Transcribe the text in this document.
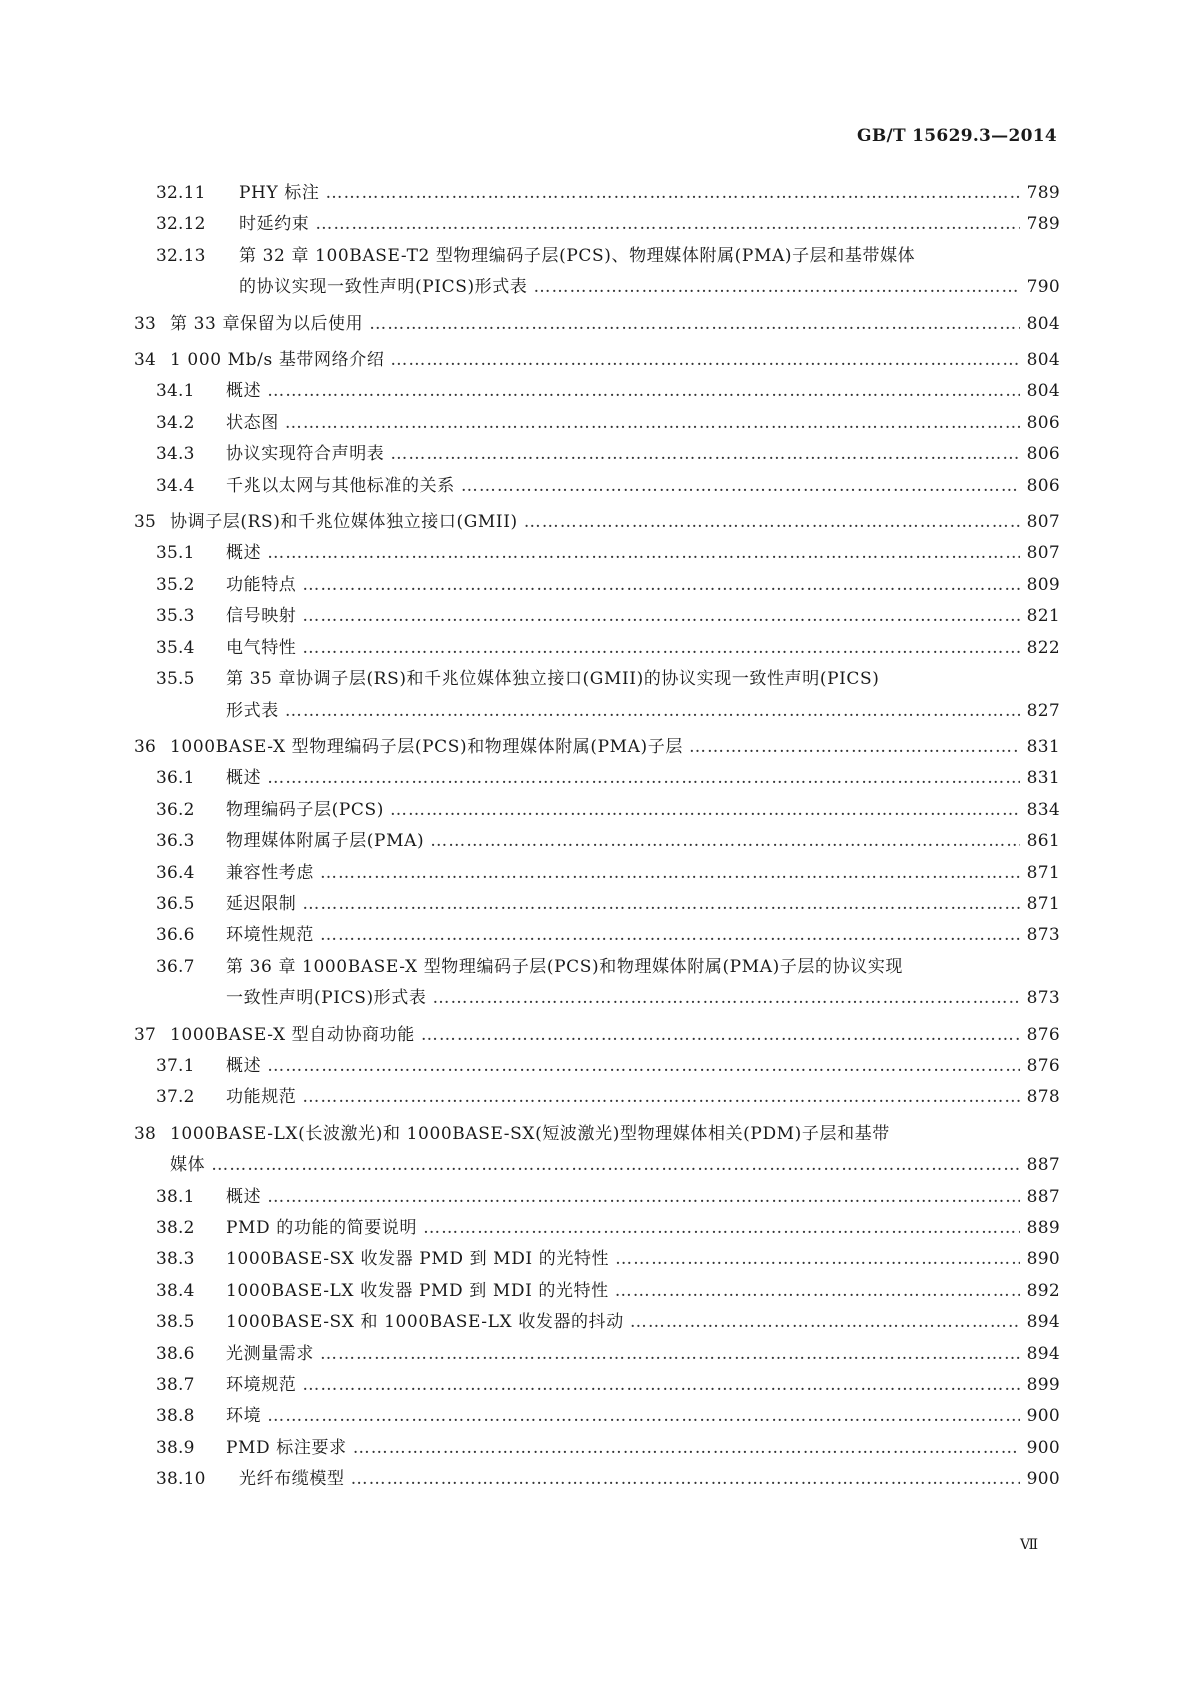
GB/T 15629.3—2014
32.11	PHY 标注 ………………………………………………………………………………………………………………………………………………………………………………………………………………………………………………	789
32.12	时延约束 ………………………………………………………………………………………………………………………………………………………………………………………………………………………………………………	789
32.13	第 32 章 100BASE-T2 型物理编码子层(PCS)、物理媒体附属(PMA)子层和基带媒体
的协议实现一致性声明(PICS)形式表 ………………………………………………………………………………………………………………………………………………………………………………………………………………………………………………	790
33 第 33 章保留为以后使用 ………………………………………………………………………………………………………………………………………………………………………………………………………………………………………………	804
34 1 000 Mb/s 基带网络介绍 ………………………………………………………………………………………………………………………………………………………………………………………………………………………………………………	804
34.1	概述 ………………………………………………………………………………………………………………………………………………………………………………………………………………………………………………	804
34.2	状态图 ………………………………………………………………………………………………………………………………………………………………………………………………………………………………………………	806
34.3	协议实现符合声明表 ………………………………………………………………………………………………………………………………………………………………………………………………………………………………………………	806
34.4	千兆以太网与其他标准的关系 ………………………………………………………………………………………………………………………………………………………………………………………………………………………………………………	806
35 协调子层(RS)和千兆位媒体独立接口(GMII) ………………………………………………………………………………………………………………………………………………………………………………………………………………………………………………	807
35.1	概述 ………………………………………………………………………………………………………………………………………………………………………………………………………………………………………………	807
35.2	功能特点 ………………………………………………………………………………………………………………………………………………………………………………………………………………………………………………	809
35.3	信号映射 ………………………………………………………………………………………………………………………………………………………………………………………………………………………………………………	821
35.4	电气特性 ………………………………………………………………………………………………………………………………………………………………………………………………………………………………………………	822
35.5	第 35 章协调子层(RS)和千兆位媒体独立接口(GMII)的协议实现一致性声明(PICS)
形式表 ………………………………………………………………………………………………………………………………………………………………………………………………………………………………………………	827
36 1000BASE-X 型物理编码子层(PCS)和物理媒体附属(PMA)子层 ………………………………………………………………………………………………………………………………………………………………………………………………………………………………………………	831
36.1	概述 ………………………………………………………………………………………………………………………………………………………………………………………………………………………………………………	831
36.2	物理编码子层(PCS) ………………………………………………………………………………………………………………………………………………………………………………………………………………………………………………	834
36.3	物理媒体附属子层(PMA) ………………………………………………………………………………………………………………………………………………………………………………………………………………………………………………	861
36.4	兼容性考虑 ………………………………………………………………………………………………………………………………………………………………………………………………………………………………………………	871
36.5	延迟限制 ………………………………………………………………………………………………………………………………………………………………………………………………………………………………………………	871
36.6	环境性规范 ………………………………………………………………………………………………………………………………………………………………………………………………………………………………………………	873
36.7	第 36 章 1000BASE-X 型物理编码子层(PCS)和物理媒体附属(PMA)子层的协议实现
一致性声明(PICS)形式表 ………………………………………………………………………………………………………………………………………………………………………………………………………………………………………………	873
37 1000BASE-X 型自动协商功能 ………………………………………………………………………………………………………………………………………………………………………………………………………………………………………………	876
37.1	概述 ………………………………………………………………………………………………………………………………………………………………………………………………………………………………………………	876
37.2	功能规范 ………………………………………………………………………………………………………………………………………………………………………………………………………………………………………………	878
38 1000BASE-LX(长波激光)和 1000BASE-SX(短波激光)型物理媒体相关(PDM)子层和基带
媒体 ………………………………………………………………………………………………………………………………………………………………………………………………………………………………………………	887
38.1	概述 ………………………………………………………………………………………………………………………………………………………………………………………………………………………………………………	887
38.2	PMD 的功能的简要说明 ………………………………………………………………………………………………………………………………………………………………………………………………………………………………………………	889
38.3	1000BASE-SX 收发器 PMD 到 MDI 的光特性 ………………………………………………………………………………………………………………………………………………………………………………………………………………………………………………	890
38.4	1000BASE-LX 收发器 PMD 到 MDI 的光特性 ………………………………………………………………………………………………………………………………………………………………………………………………………………………………………………	892
38.5	1000BASE-SX 和 1000BASE-LX 收发器的抖动 ………………………………………………………………………………………………………………………………………………………………………………………………………………………………………………	894
38.6	光测量需求 ………………………………………………………………………………………………………………………………………………………………………………………………………………………………………………	894
38.7	环境规范 ………………………………………………………………………………………………………………………………………………………………………………………………………………………………………………	899
38.8	环境 ………………………………………………………………………………………………………………………………………………………………………………………………………………………………………………	900
38.9	PMD 标注要求 ………………………………………………………………………………………………………………………………………………………………………………………………………………………………………………	900
38.10	光纤布缆模型 ………………………………………………………………………………………………………………………………………………………………………………………………………………………………………………	900
Ⅶ
